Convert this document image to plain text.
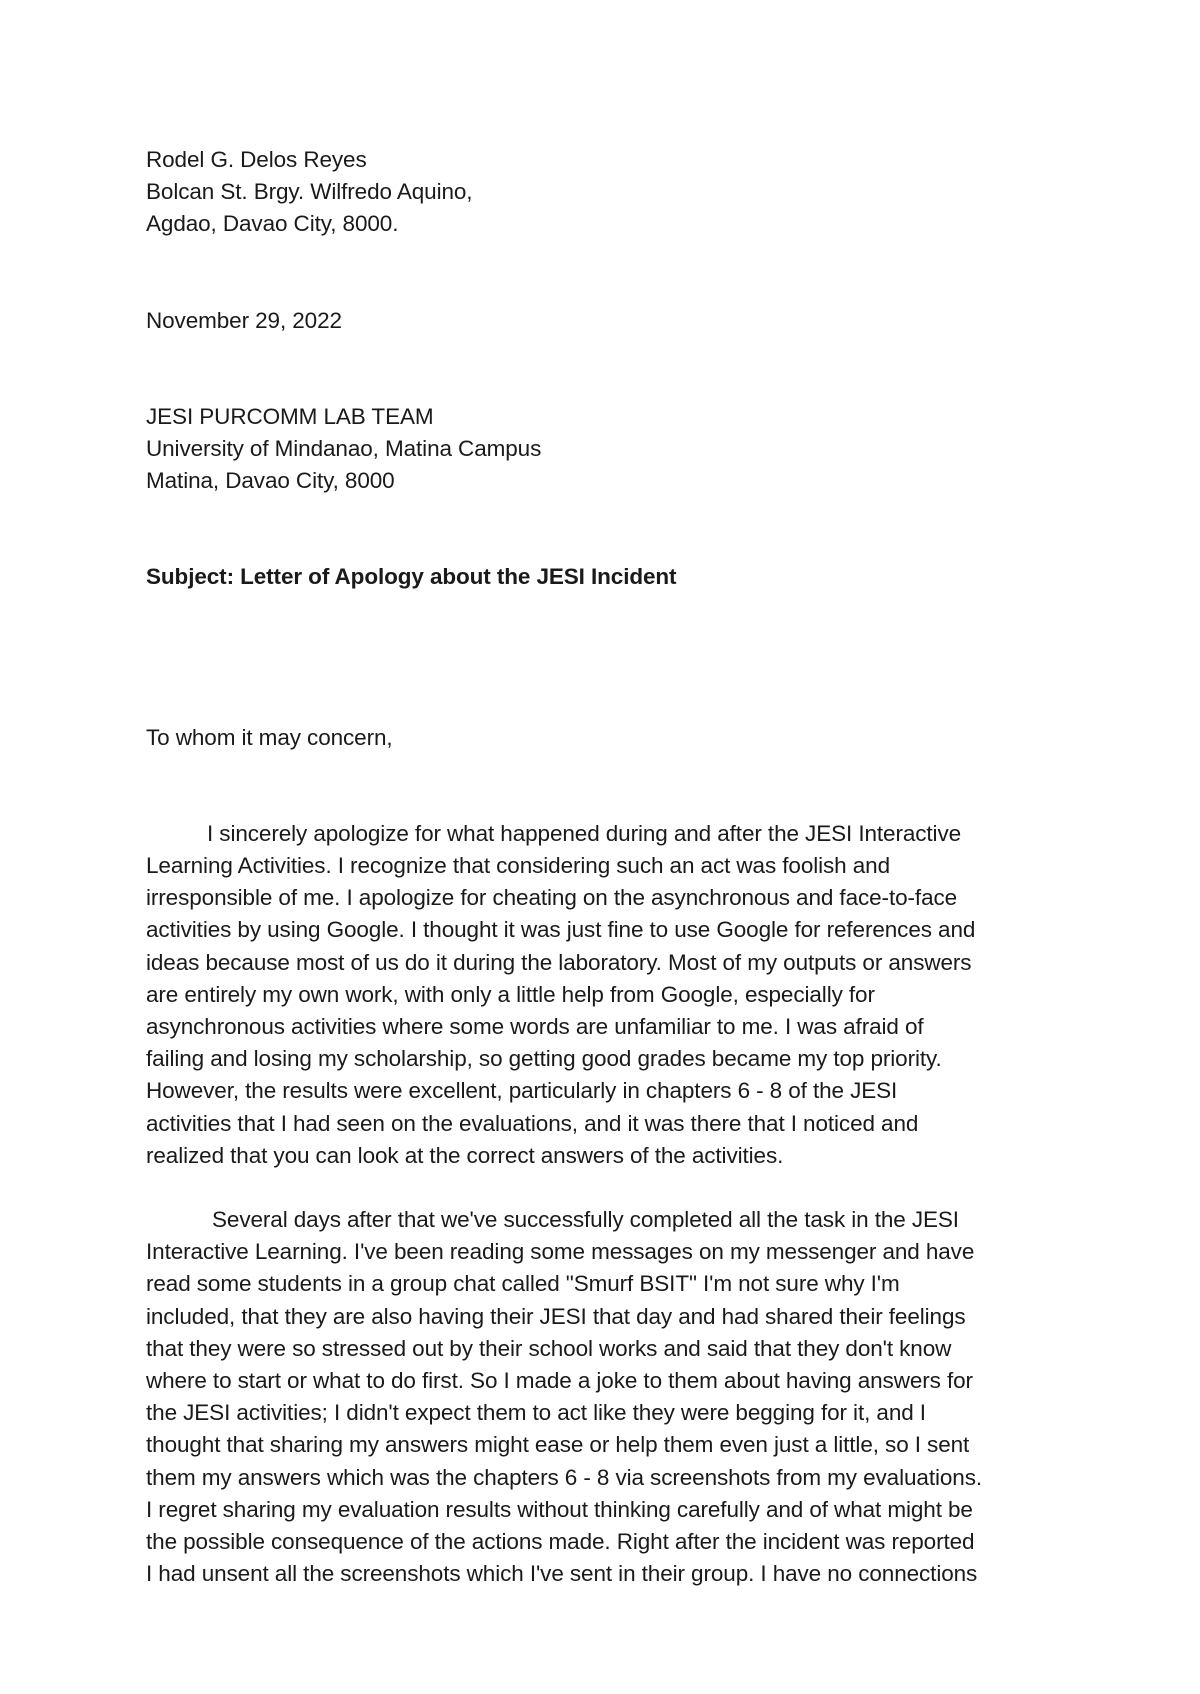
Rodel G. Delos Reyes
Bolcan St. Brgy. Wilfredo Aquino,
Agdao, Davao City, 8000.
November 29, 2022
JESI PURCOMM LAB TEAM
University of Mindanao, Matina Campus
Matina, Davao City, 8000
Subject: Letter of Apology about the JESI Incident
To whom it may concern,
I sincerely apologize for what happened during and after the JESI Interactive
Learning Activities. I recognize that considering such an act was foolish and
irresponsible of me. I apologize for cheating on the asynchronous and face-to-face
activities by using Google. I thought it was just fine to use Google for references and
ideas because most of us do it during the laboratory. Most of my outputs or answers
are entirely my own work, with only a little help from Google, especially for
asynchronous activities where some words are unfamiliar to me. I was afraid of
failing and losing my scholarship, so getting good grades became my top priority.
However, the results were excellent, particularly in chapters 6 - 8 of the JESI
activities that I had seen on the evaluations, and it was there that I noticed and
realized that you can look at the correct answers of the activities.
Several days after that we've successfully completed all the task in the JESI
Interactive Learning. I've been reading some messages on my messenger and have
read some students in a group chat called "Smurf BSIT" I'm not sure why I'm
included, that they are also having their JESI that day and had shared their feelings
that they were so stressed out by their school works and said that they don't know
where to start or what to do first. So I made a joke to them about having answers for
the JESI activities; I didn't expect them to act like they were begging for it, and I
thought that sharing my answers might ease or help them even just a little, so I sent
them my answers which was the chapters 6 - 8 via screenshots from my evaluations.
I regret sharing my evaluation results without thinking carefully and of what might be
the possible consequence of the actions made. Right after the incident was reported
I had unsent all the screenshots which I've sent in their group. I have no connections
